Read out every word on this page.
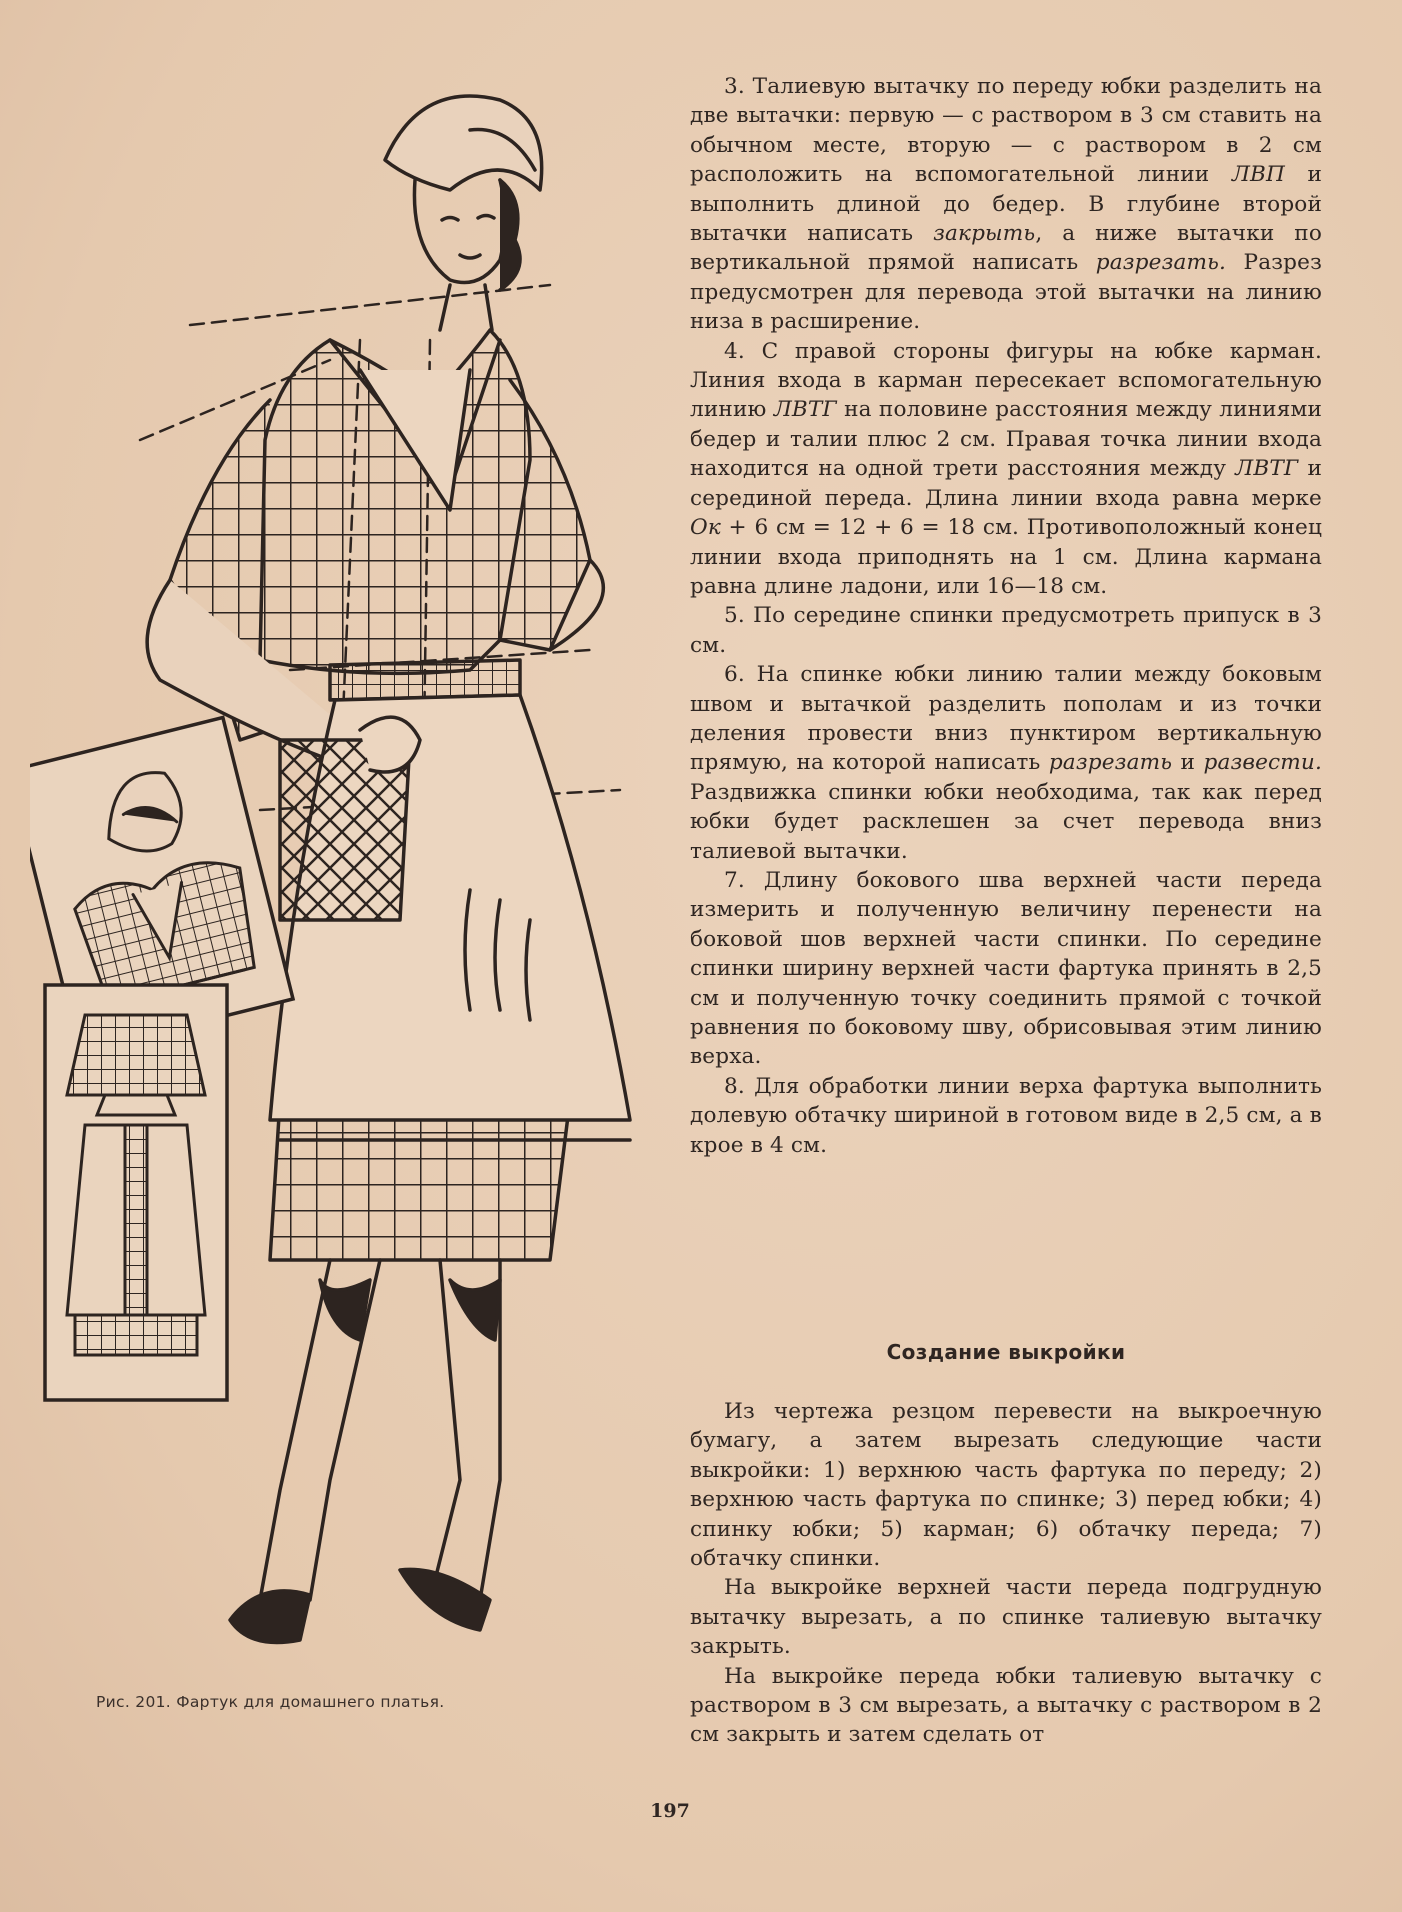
Рис. 201. Фартук для домашнего платья.

3. Талиевую вытачку по переду юбки разделить на две вытачки: первую — с раствором в 3 см ставить на обычном месте, вторую — с раствором в 2 см расположить на вспомогательной линии ЛВП и выполнить длиной до бедер. В глубине второй вытачки написать закрыть, а ниже вытачки по вертикальной прямой написать разрезать. Разрез предусмотрен для перевода этой вытачки на линию низа в расширение.

4. С правой стороны фигуры на юбке карман. Линия входа в карман пересекает вспомогательную линию ЛВТГ на половине расстояния между линиями бедер и талии плюс 2 см. Правая точка линии входа находится на одной трети расстояния между ЛВТГ и серединой переда. Длина линии входа равна мерке Ок + 6 см = 12 + 6 = 18 см. Противоположный конец линии входа приподнять на 1 см. Длина кармана равна длине ладони, или 16—18 см.

5. По середине спинки предусмотреть припуск в 3 см.

6. На спинке юбки линию талии между боковым швом и вытачкой разделить пополам и из точки деления провести вниз пунктиром вертикальную прямую, на которой написать разрезать и развести. Раздвижка спинки юбки необходима, так как перед юбки будет расклешен за счет перевода вниз талиевой вытачки.

7. Длину бокового шва верхней части переда измерить и полученную величину перенести на боковой шов верхней части спинки. По середине спинки ширину верхней части фартука принять в 2,5 см и полученную точку соединить прямой с точкой равнения по боковому шву, обрисовывая этим линию верха.

8. Для обработки линии верха фартука выполнить долевую обтачку шириной в готовом виде в 2,5 см, а в крое в 4 см.

Создание выкройки

Из чертежа резцом перевести на выкроечную бумагу, а затем вырезать следующие части выкройки: 1) верхнюю часть фартука по переду; 2) верхнюю часть фартука по спинке; 3) перед юбки; 4) спинку юбки; 5) карман; 6) обтачку переда; 7) обтачку спинки.

На выкройке верхней части переда подгрудную вытачку вырезать, а по спинке талиевую вытачку закрыть.

На выкройке переда юбки талиевую вытачку с раствором в 3 см вырезать, а вытачку с раствором в 2 см закрыть и затем сделать от

197
